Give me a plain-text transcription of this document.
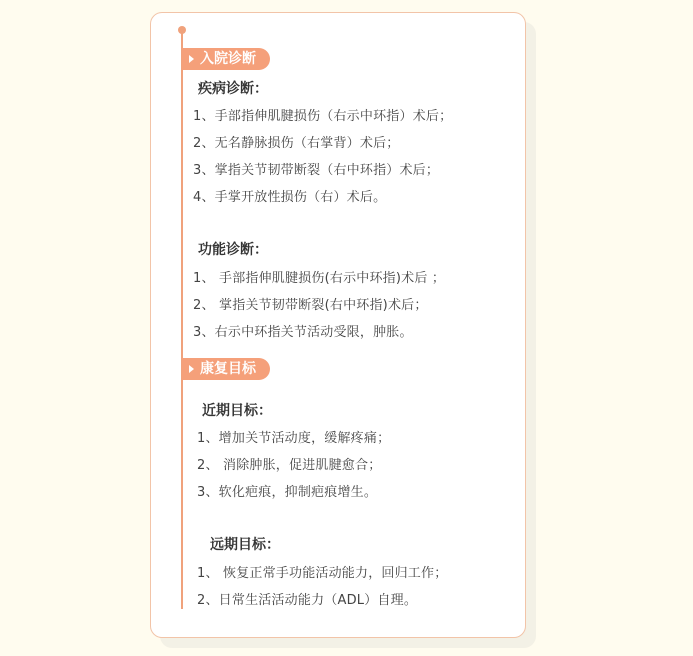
入院诊断
疾病诊断：
1、手部指伸肌腱损伤（右示中环指）术后；
2、无名静脉损伤（右掌背）术后；
3、掌指关节韧带断裂（右中环指）术后；
4、手掌开放性损伤（右）术后。
功能诊断：
1、 手部指伸肌腱损伤(右示中环指)术后 ；
2、 掌指关节韧带断裂(右中环指)术后；
3、右示中环指关节活动受限，肿胀。
康复目标
近期目标：
1、增加关节活动度，缓解疼痛；
2、 消除肿胀，促进肌腱愈合；
3、软化疤痕，抑制疤痕增生。
远期目标：
1、 恢复正常手功能活动能力，回归工作；
2、日常生活活动能力（ADL）自理。
